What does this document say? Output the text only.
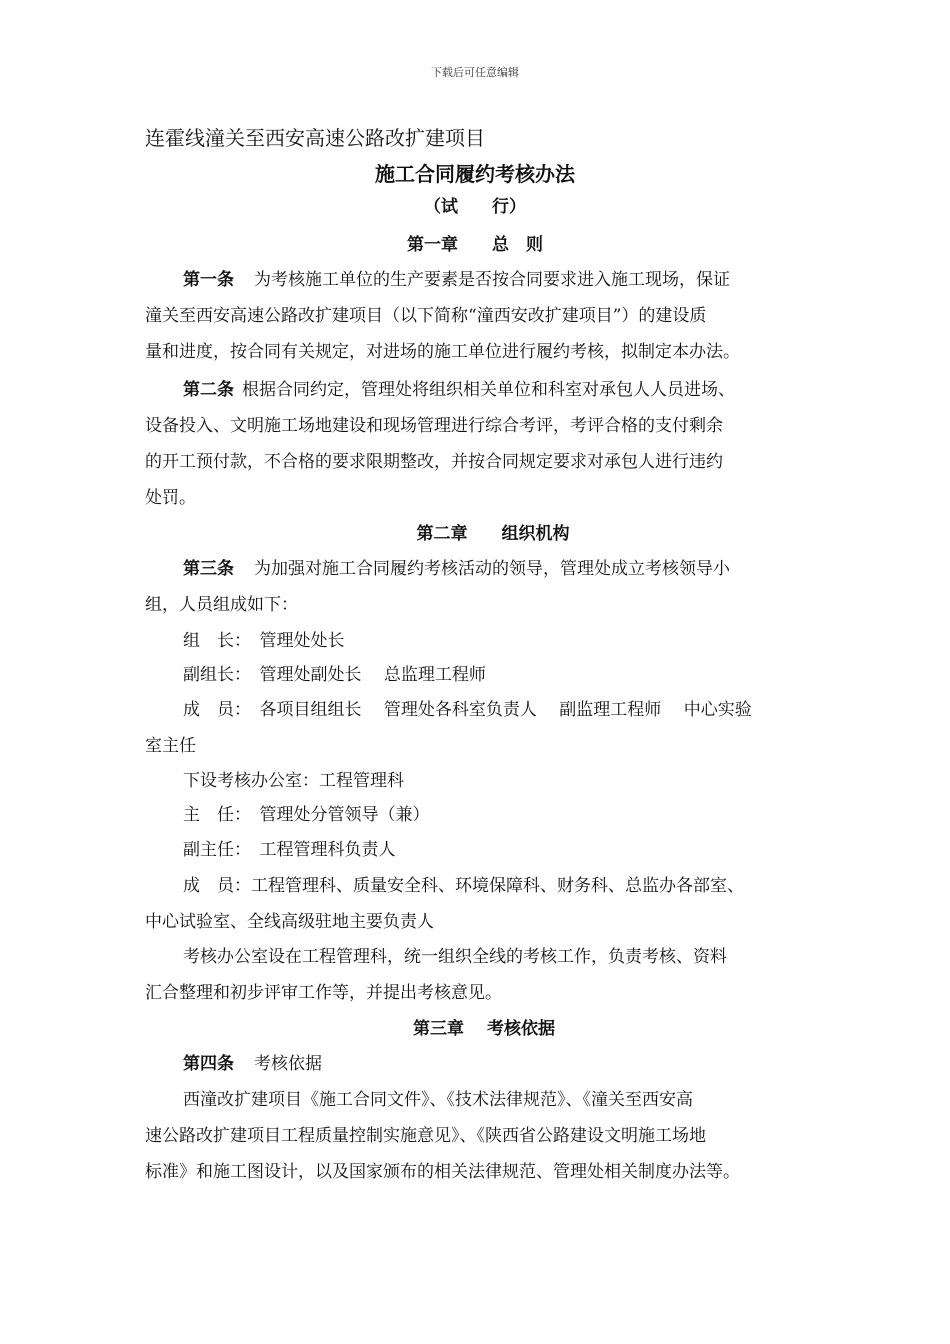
下载后可任意编辑
连霍线潼关至西安高速公路改扩建项目
施工合同履约考核办法
（试　　行）
第一章　　总　则
第一条 为考核施工单位的生产要素是否按合同要求进入施工现场，保证
潼关至西安高速公路改扩建项目（以下简称“潼西安改扩建项目”）的建设质
量和进度，按合同有关规定，对进场的施工单位进行履约考核，拟制定本办法。
第二条 根据合同约定，管理处将组织相关单位和科室对承包人人员进场、
设备投入、文明施工场地建设和现场管理进行综合考评，考评合格的支付剩余
的开工预付款，不合格的要求限期整改，并按合同规定要求对承包人进行违约
处罚。
第二章　　组织机构
第三条 为加强对施工合同履约考核活动的领导，管理处成立考核领导小
组，人员组成如下：
组　长：　管理处处长
副组长：　管理处副处长　 总监理工程师
成　员：　各项目组组长　 管理处各科室负责人　 副监理工程师　 中心实验
室主任
下设考核办公室：工程管理科
主　任：　管理处分管领导（兼）
副主任：　工程管理科负责人
成　员：工程管理科、质量安全科、环境保障科、财务科、总监办各部室、
中心试验室、全线高级驻地主要负责人
考核办公室设在工程管理科，统一组织全线的考核工作，负责考核、资料
汇合整理和初步评审工作等，并提出考核意见。
第三章　 考核依据
第四条 考核依据
西潼改扩建项目《施工合同文件》、《技术法律规范》、《潼关至西安高
速公路改扩建项目工程质量控制实施意见》、《陕西省公路建设文明施工场地
标准》和施工图设计，以及国家颁布的相关法律规范、管理处相关制度办法等。
